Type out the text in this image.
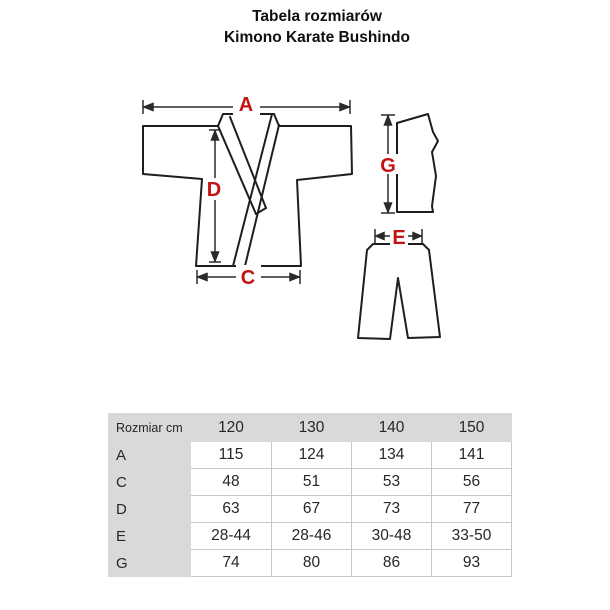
Tabela rozmiarów
Kimono Karate Bushindo
A
D
C
G
E
Rozmiar cm	120	130	140	150
A	115	124	134	141
C	48	51	53	56
D	63	67	73	77
E	28-44	28-46	30-48	33-50
G	74	80	86	93
